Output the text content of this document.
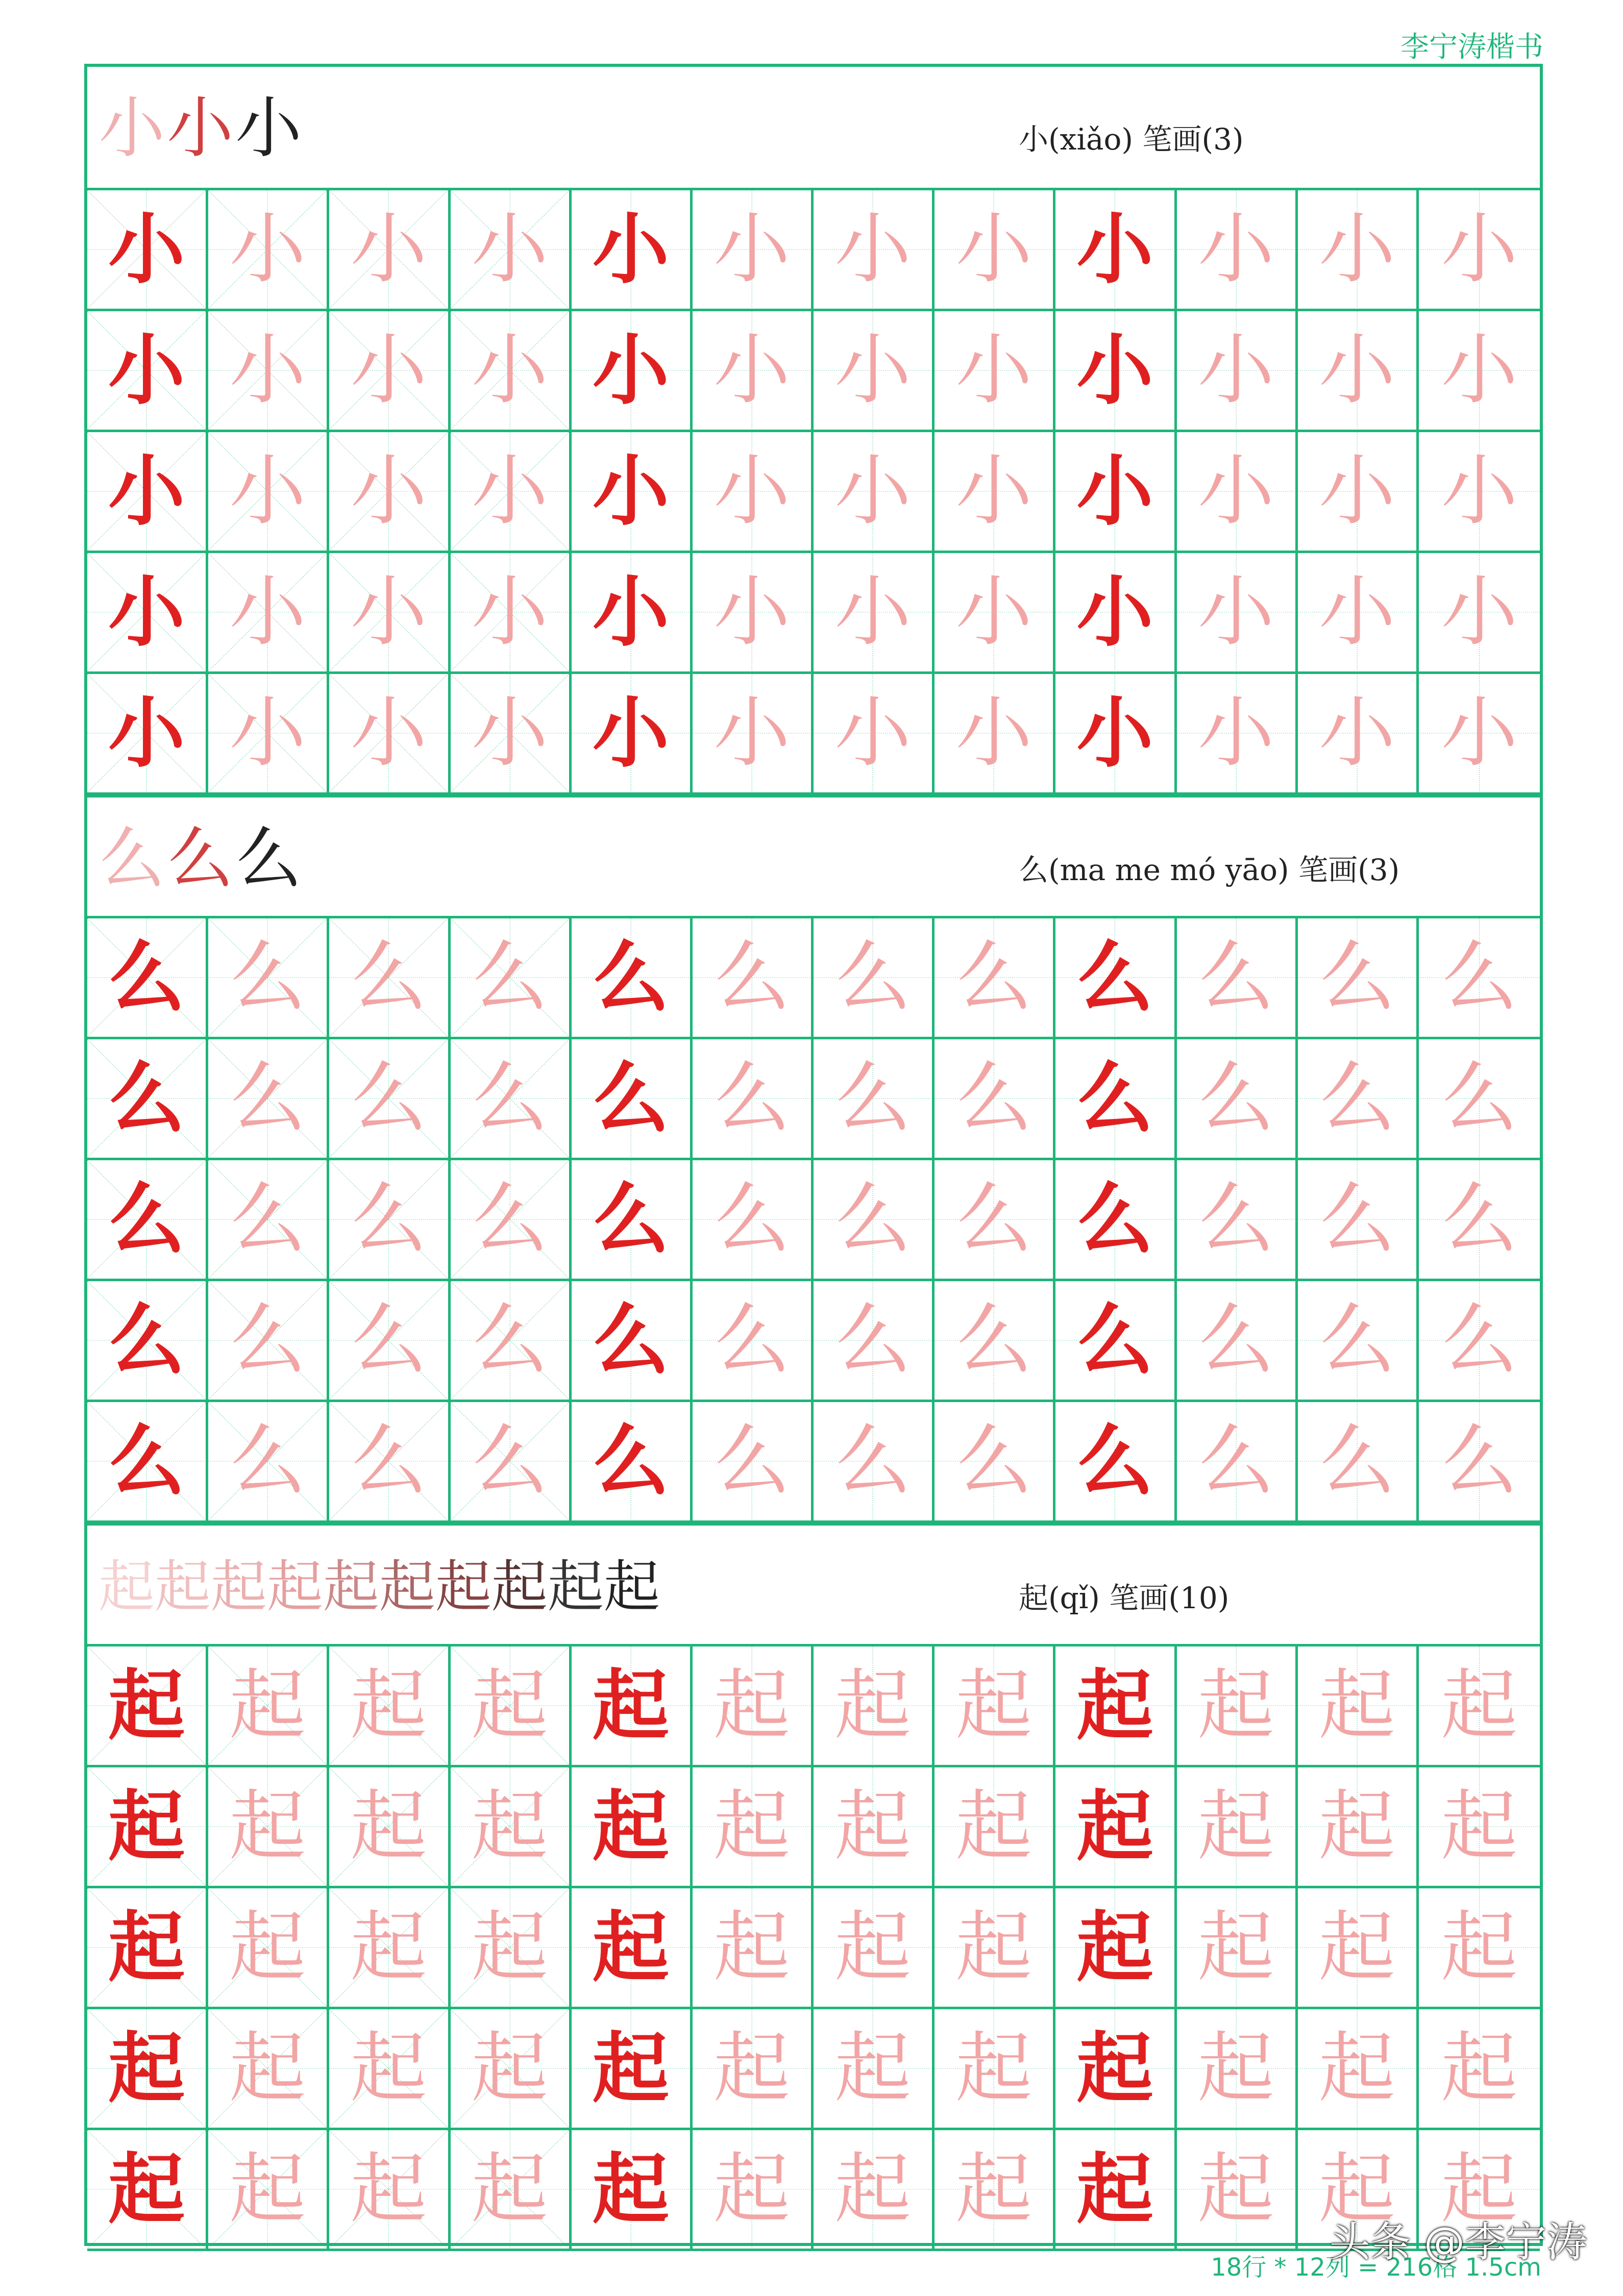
李宁涛楷书
小 小 小	小(xiǎo) 笔画(3)
小 小 小 小 小 小 小 小 小 小 小 小
小 小 小 小 小 小 小 小 小 小 小 小
小 小 小 小 小 小 小 小 小 小 小 小
小 小 小 小 小 小 小 小 小 小 小 小
小 小 小 小 小 小 小 小 小 小 小 小
么 么 么	么(ma me mó yāo) 笔画(3)
么 么 么 么 么 么 么 么 么 么 么 么
么 么 么 么 么 么 么 么 么 么 么 么
么 么 么 么 么 么 么 么 么 么 么 么
么 么 么 么 么 么 么 么 么 么 么 么
么 么 么 么 么 么 么 么 么 么 么 么
起 起 起 起 起 起 起 起 起 起	起(qǐ) 笔画(10)
起 起 起 起 起 起 起 起 起 起 起 起
起 起 起 起 起 起 起 起 起 起 起 起
起 起 起 起 起 起 起 起 起 起 起 起
起 起 起 起 起 起 起 起 起 起 起 起
起 起 起 起 起 起 起 起 起 起 起 起
18行 * 12列 = 216格 1.5cm
头条 @李宁涛
